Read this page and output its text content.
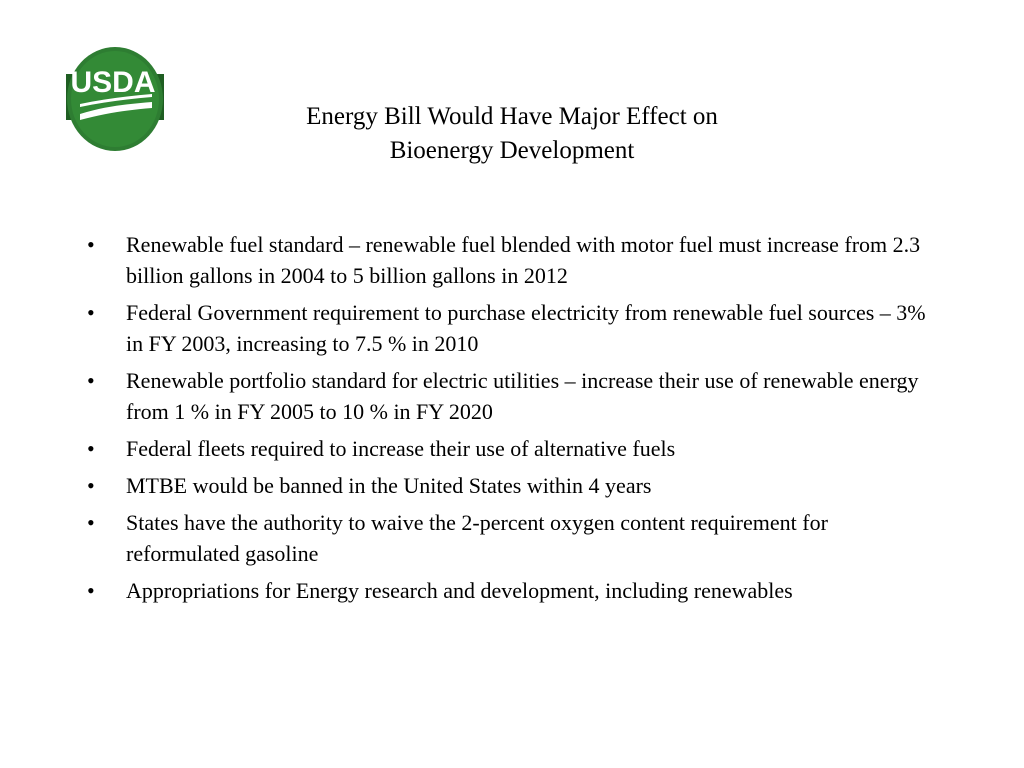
USDA
Energy Bill Would Have Major Effect on
Bioenergy Development
• Renewable fuel standard – renewable fuel blended with motor fuel must increase from 2.3 billion gallons in 2004 to 5 billion gallons in 2012
• Federal Government requirement to purchase electricity from renewable fuel sources – 3% in FY 2003, increasing to 7.5 % in 2010
• Renewable portfolio standard for electric utilities – increase their use of renewable energy from 1 % in FY 2005 to 10 % in FY 2020
• Federal fleets required to increase their use of alternative fuels
• MTBE would be banned in the United States within 4 years
• States have the authority to waive the 2-percent oxygen content requirement for reformulated gasoline
• Appropriations for Energy research and development, including renewables
